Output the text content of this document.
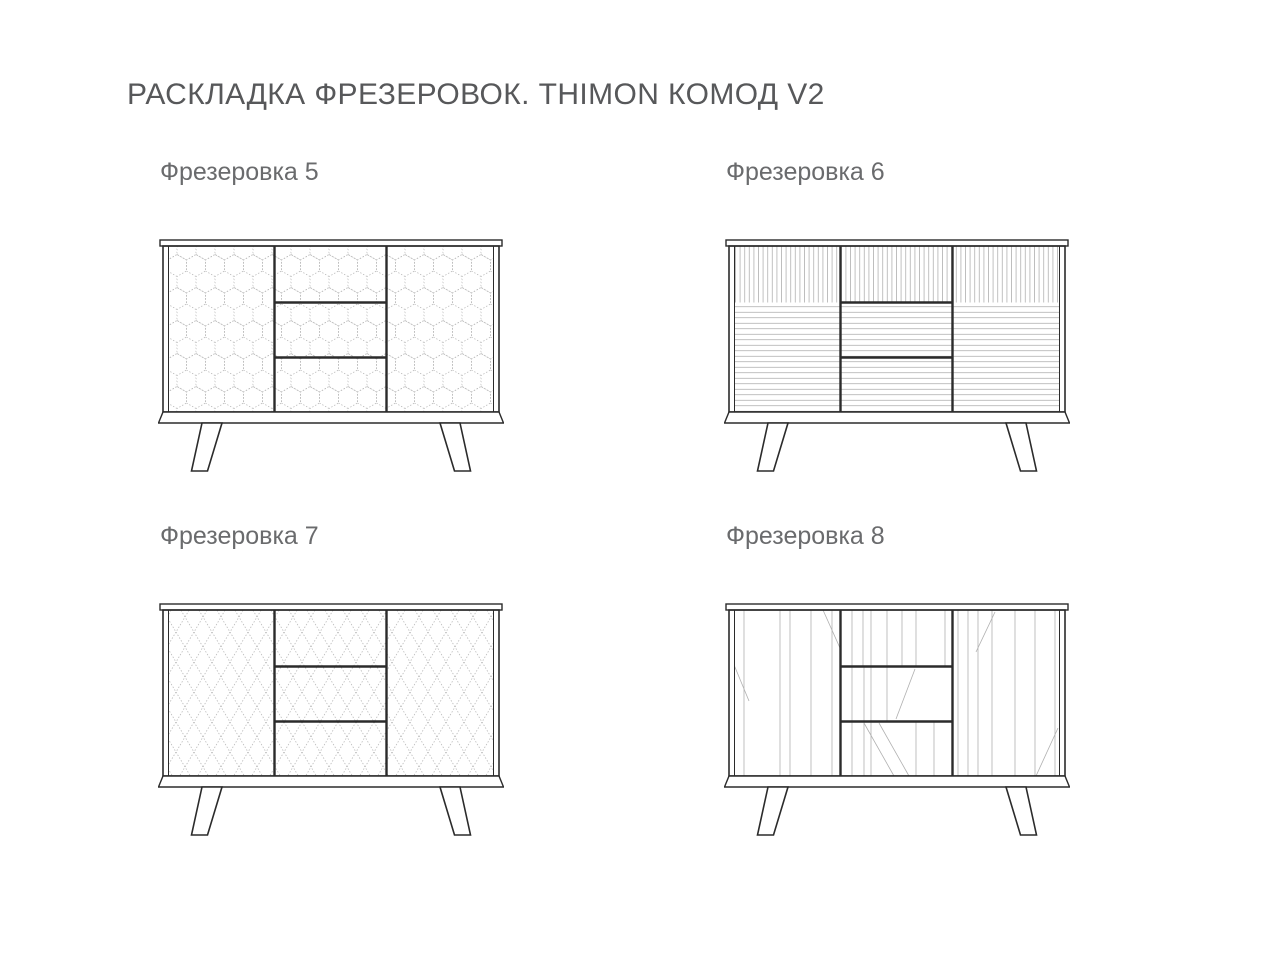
РАСКЛАДКА ФРЕЗЕРОВОК. THIMON КОМОД V2
Фрезеровка 5	Фрезеровка 6
Фрезеровка 7	Фрезеровка 8
